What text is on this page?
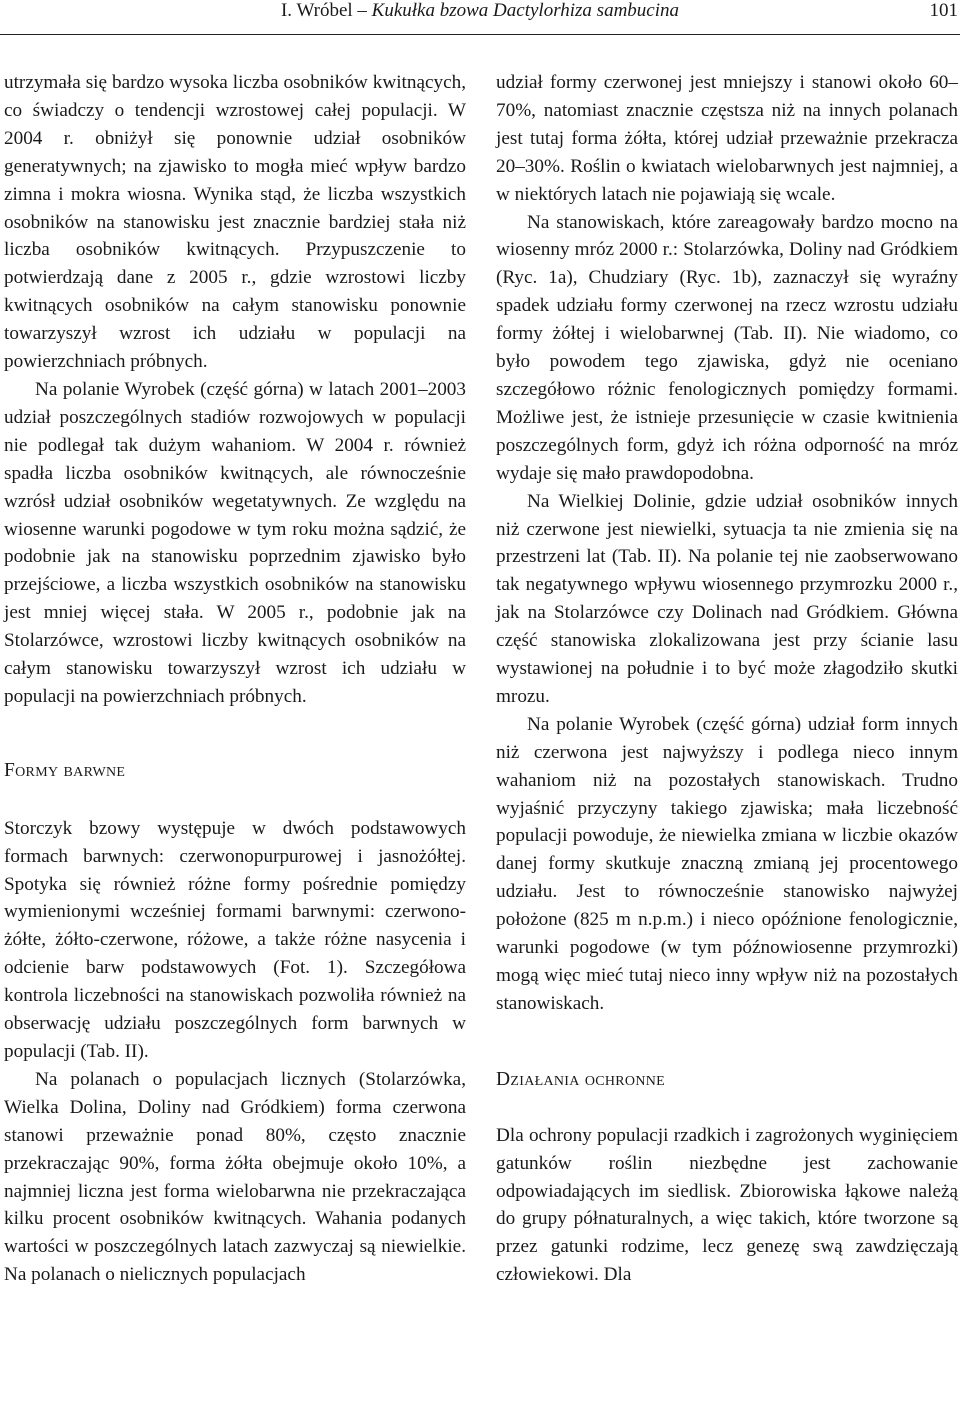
I. Wróbel – Kukułka bzowa Dactylorhiza sambucina	101

utrzymała się bardzo wysoka liczba osobników kwitnących, co świadczy o tendencji wzrostowej całej populacji. W 2004 r. obniżył się ponownie udział osobników generatywnych; na zjawisko to mogła mieć wpływ bardzo zimna i mokra wiosna. Wynika stąd, że liczba wszystkich osobników na stanowisku jest znacznie bardziej stała niż liczba osobników kwitnących. Przypuszczenie to potwierdzają dane z 2005 r., gdzie wzrostowi liczby kwitnących osobników na całym stanowisku ponownie towarzyszył wzrost ich udziału w populacji na powierzchniach próbnych.

Na polanie Wyrobek (część górna) w latach 2001–2003 udział poszczególnych stadiów rozwojowych w populacji nie podlegał tak dużym wahaniom. W 2004 r. również spadła liczba osobników kwitnących, ale równocześnie wzrósł udział osobników wegetatywnych. Ze względu na wiosenne warunki pogodowe w tym roku można sądzić, że podobnie jak na stanowisku poprzednim zjawisko było przejściowe, a liczba wszystkich osobników na stanowisku jest mniej więcej stała. W 2005 r., podobnie jak na Stolarzówce, wzrostowi liczby kwitnących osobników na całym stanowisku towarzyszył wzrost ich udziału w populacji na powierzchniach próbnych.

Formy barwne

Storczyk bzowy występuje w dwóch podstawowych formach barwnych: czerwonopurpurowej i jasnożółtej. Spotyka się również różne formy pośrednie pomiędzy wymienionymi wcześniej formami barwnymi: czerwono-żółte, żółto-czerwone, różowe, a także różne nasycenia i odcienie barw podstawowych (Fot. 1). Szczegółowa kontrola liczebności na stanowiskach pozwoliła również na obserwację udziału poszczególnych form barwnych w populacji (Tab. II).

Na polanach o populacjach licznych (Stolarzówka, Wielka Dolina, Doliny nad Gródkiem) forma czerwona stanowi przeważnie ponad 80%, często znacznie przekraczając 90%, forma żółta obejmuje około 10%, a najmniej liczna jest forma wielobarwna nie przekraczająca kilku procent osobników kwitnących. Wahania podanych wartości w poszczególnych latach zazwyczaj są niewielkie. Na polanach o nielicznych populacjach

udział formy czerwonej jest mniejszy i stanowi około 60–70%, natomiast znacznie częstsza niż na innych polanach jest tutaj forma żółta, której udział przeważnie przekracza 20–30%. Roślin o kwiatach wielobarwnych jest najmniej, a w niektórych latach nie pojawiają się wcale.

Na stanowiskach, które zareagowały bardzo mocno na wiosenny mróz 2000 r.: Stolarzówka, Doliny nad Gródkiem (Ryc. 1a), Chudziary (Ryc. 1b), zaznaczył się wyraźny spadek udziału formy czerwonej na rzecz wzrostu udziału formy żółtej i wielobarwnej (Tab. II). Nie wiadomo, co było powodem tego zjawiska, gdyż nie oceniano szczegółowo różnic fenologicznych pomiędzy formami. Możliwe jest, że istnieje przesunięcie w czasie kwitnienia poszczególnych form, gdyż ich różna odporność na mróz wydaje się mało prawdopodobna.

Na Wielkiej Dolinie, gdzie udział osobników innych niż czerwone jest niewielki, sytuacja ta nie zmienia się na przestrzeni lat (Tab. II). Na polanie tej nie zaobserwowano tak negatywnego wpływu wiosennego przymrozku 2000 r., jak na Stolarzówce czy Dolinach nad Gródkiem. Główna część stanowiska zlokalizowana jest przy ścianie lasu wystawionej na południe i to być może złagodziło skutki mrozu.

Na polanie Wyrobek (część górna) udział form innych niż czerwona jest najwyższy i podlega nieco innym wahaniom niż na pozostałych stanowiskach. Trudno wyjaśnić przyczyny takiego zjawiska; mała liczebność populacji powoduje, że niewielka zmiana w liczbie okazów danej formy skutkuje znaczną zmianą jej procentowego udziału. Jest to równocześnie stanowisko najwyżej położone (825 m n.p.m.) i nieco opóźnione fenologicznie, warunki pogodowe (w tym późnowiosenne przymrozki) mogą więc mieć tutaj nieco inny wpływ niż na pozostałych stanowiskach.

Działania ochronne

Dla ochrony populacji rzadkich i zagrożonych wyginięciem gatunków roślin niezbędne jest zachowanie odpowiadających im siedlisk. Zbiorowiska łąkowe należą do grupy półnaturalnych, a więc takich, które tworzone są przez gatunki rodzime, lecz genezę swą zawdzięczają człowiekowi. Dla
